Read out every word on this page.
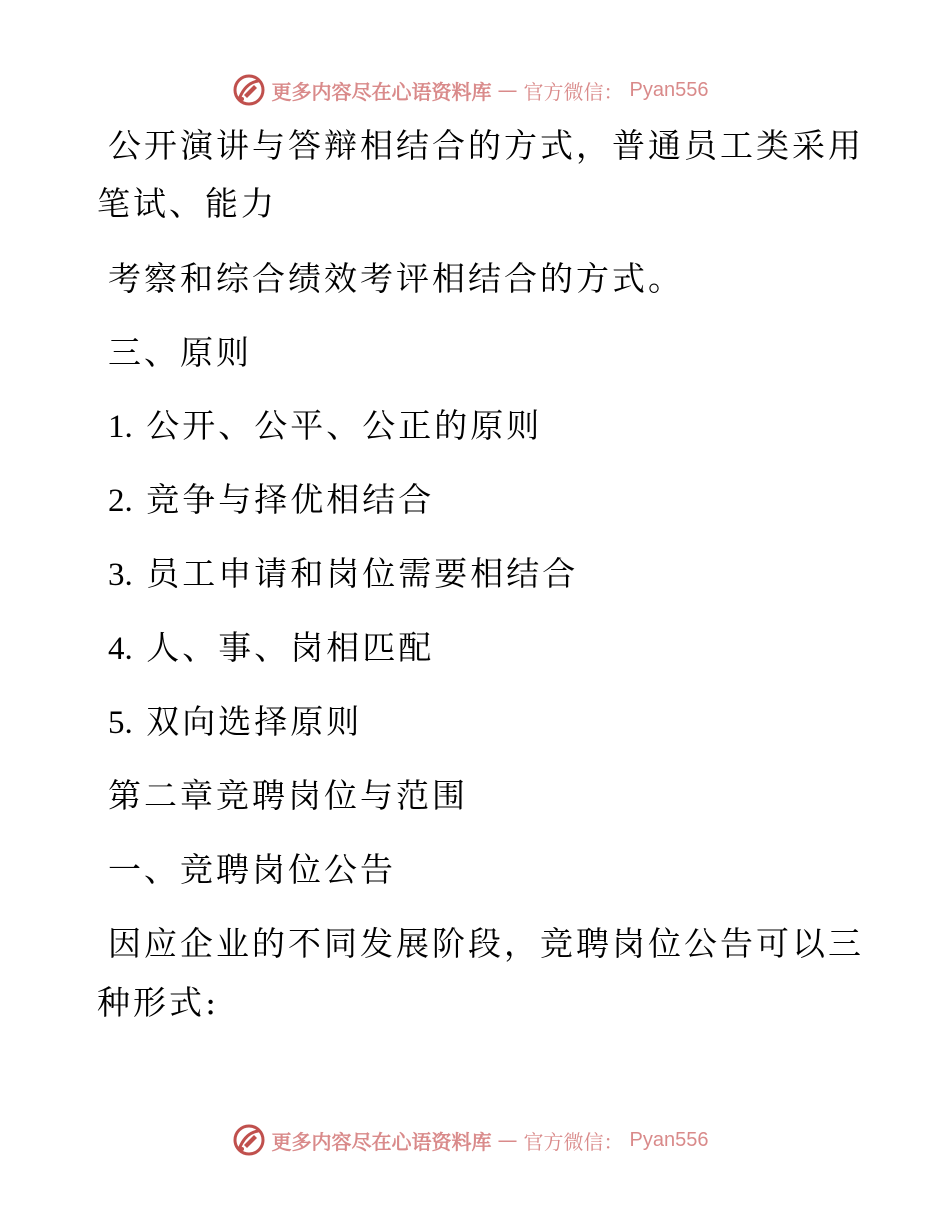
更多内容尽在心语资料库 — 官方微信： Pyan556
公开演讲与答辩相结合的方式，普通员工类采用
笔试、能力
考察和综合绩效考评相结合的方式。
三、原则
1. 公开、公平、公正的原则
2. 竞争与择优相结合
3. 员工申请和岗位需要相结合
4. 人、事、岗相匹配
5. 双向选择原则
第二章竞聘岗位与范围
一、竞聘岗位公告
因应企业的不同发展阶段，竞聘岗位公告可以三
种形式:
更多内容尽在心语资料库 — 官方微信： Pyan556
